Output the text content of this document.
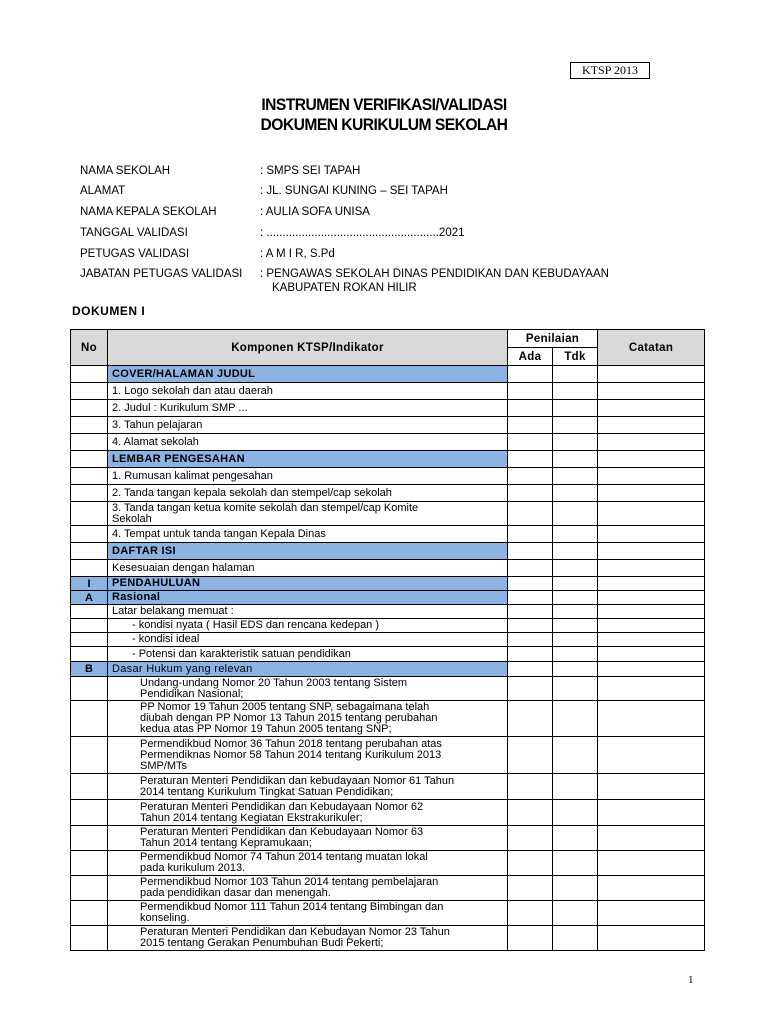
KTSP 2013
INSTRUMEN VERIFIKASI/VALIDASI
DOKUMEN KURIKULUM SEKOLAH
NAMA SEKOLAH	: SMPS SEI TAPAH
ALAMAT	: JL. SUNGAI KUNING – SEI TAPAH
NAMA KEPALA SEKOLAH	: AULIA SOFA UNISA
TANGGAL VALIDASI	: ......................................................2021
PETUGAS VALIDASI	: A M I R, S.Pd
JABATAN PETUGAS VALIDASI : PENGAWAS SEKOLAH DINAS PENDIDIKAN DAN KEBUDAYAAN
KABUPATEN ROKAN HILIR
DOKUMEN I
No	Komponen KTSP/Indikator	Penilaian		Catatan
		Ada	Tdk	
	COVER/HALAMAN JUDUL			
	1. Logo sekolah dan atau daerah			
	2. Judul : Kurikulum SMP ...			
	3. Tahun pelajaran			
	4. Alamat sekolah			
	LEMBAR PENGESAHAN			
	1. Rumusan kalimat pengesahan			
	2. Tanda tangan kepala sekolah dan stempel/cap sekolah			
	3. Tanda tangan ketua komite sekolah dan stempel/cap Komite
Sekolah			
	4. Tempat untuk tanda tangan Kepala Dinas			
	DAFTAR ISI			
	Kesesuaian dengan halaman			
I	PENDAHULUAN			
A	Rasional			
	Latar belakang memuat :			
	- kondisi nyata ( Hasil EDS dan rencana kedepan )			
	- kondisi ideal			
	- Potensi dan karakteristik satuan pendidikan			
B	Dasar Hukum yang relevan			
	Undang-undang Nomor 20 Tahun 2003 tentang Sistem
Pendidikan Nasional;			
	PP Nomor 19 Tahun 2005 tentang SNP, sebagaimana telah
diubah dengan PP Nomor 13 Tahun 2015 tentang perubahan
kedua atas PP Nomor 19 Tahun 2005 tentang SNP;			
	Permendikbud Nomor 36 Tahun 2018 tentang perubahan atas
Permendiknas Nomor 58 Tahun 2014 tentang Kurikulum 2013
SMP/MTs			
	Peraturan Menteri Pendidikan dan kebudayaan Nomor 61 Tahun
2014 tentang Kurikulum Tingkat Satuan Pendidikan;			
	Peraturan Menteri Pendidikan dan Kebudayaan Nomor 62
Tahun 2014 tentang Kegiatan Ekstrakurikuler;			
	Peraturan Menteri Pendidikan dan Kebudayaan Nomor 63
Tahun 2014 tentang Kepramukaan;			
	Permendikbud Nomor 74 Tahun 2014 tentang muatan lokal
pada kurikulum 2013.			
	Permendikbud Nomor 103 Tahun 2014 tentang pembelajaran
pada pendidikan dasar dan menengah.			
	Permendikbud Nomor 111 Tahun 2014 tentang Bimbingan dan
konseling.			
	Peraturan Menteri Pendidikan dan Kebudayan Nomor 23 Tahun
2015 tentang Gerakan Penumbuhan Budi Pekerti;			
1
